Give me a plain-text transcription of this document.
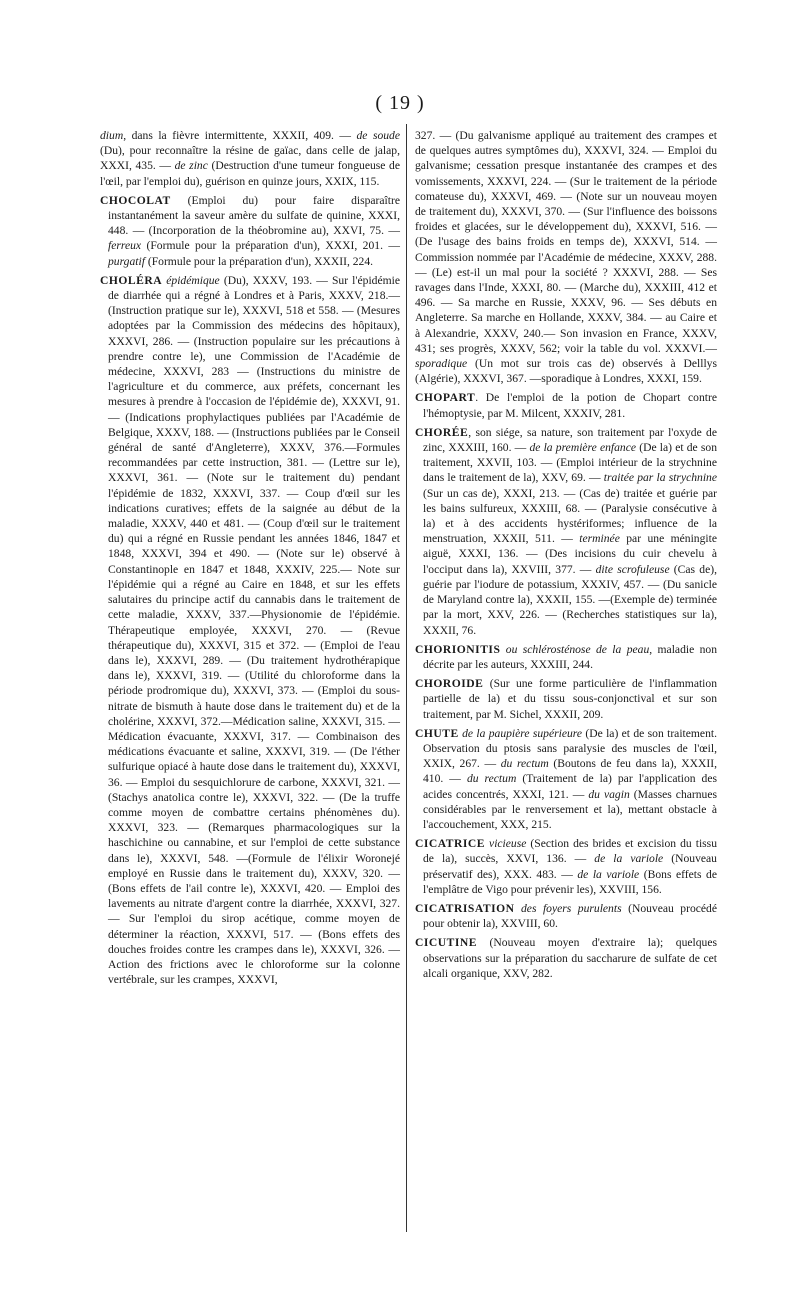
( 19 )

dium, dans la fièvre intermittente, XXXII, 409. — de soude (Du), pour reconnaître la résine de gaïac, dans celle de jalap, XXXI, 435. — de zinc (Destruction d'une tumeur fongueuse de l'œil, par l'emploi du), guérison en quinze jours, XXIX, 115.

CHOCOLAT (Emploi du) pour faire disparaître instantanément la saveur amère du sulfate de quinine, XXXI, 448. — (Incorporation de la théobromine au), XXVI, 75. — ferreux (Formule pour la préparation d'un), XXXI, 201. — purgatif (Formule pour la préparation d'un), XXXII, 224.

CHOLÉRA épidémique (Du), XXXV, 193. — Sur l'épidémie de diarrhée qui a régné à Londres et à Paris, XXXV, 218.— (Instruction pratique sur le), XXXVI, 518 et 558. — (Mesures adoptées par la Commission des médecins des hôpitaux), XXXVI, 286. — (Instruction populaire sur les précautions à prendre contre le), une Commission de l'Académie de médecine, XXXVI, 283 — (Instructions du ministre de l'agriculture et du commerce, aux préfets, concernant les mesures à prendre à l'occasion de l'épidémie de), XXXVI, 91. — (Indications prophylactiques publiées par l'Académie de Belgique, XXXV, 188. — (Instructions publiées par le Conseil général de santé d'Angleterre), XXXV, 376.—Formules recommandées par cette instruction, 381. — (Lettre sur le), XXXVI, 361. — (Note sur le traitement du) pendant l'épidémie de 1832, XXXVI, 337. — Coup d'œil sur les indications curatives; effets de la saignée au début de la maladie, XXXV, 440 et 481. — (Coup d'œil sur le traitement du) qui a régné en Russie pendant les années 1846, 1847 et 1848, XXXVI, 394 et 490. — (Note sur le) observé à Constantinople en 1847 et 1848, XXXIV, 225.— Note sur l'épidémie qui a régné au Caire en 1848, et sur les effets salutaires du principe actif du cannabis dans le traitement de cette maladie, XXXV, 337.—Physionomie de l'épidémie. Thérapeutique employée, XXXVI, 270. — (Revue thérapeutique du), XXXVI, 315 et 372. — (Emploi de l'eau dans le), XXXVI, 289. — (Du traitement hydrothérapique dans le), XXXVI, 319. — (Utilité du chloroforme dans la période prodromique du), XXXVI, 373. — (Emploi du sous-nitrate de bismuth à haute dose dans le traitement du) et de la cholérine, XXXVI, 372.—Médication saline, XXXVI, 315. — Médication évacuante, XXXVI, 317. — Combinaison des médications évacuante et saline, XXXVI, 319. — (De l'éther sulfurique opiacé à haute dose dans le traitement du), XXXVI, 36. — Emploi du sesquichlorure de carbone, XXXVI, 321. — (Stachys anatolica contre le), XXXVI, 322. — (De la truffe comme moyen de combattre certains phénomènes du). XXXVI, 323. — (Remarques pharmacologiques sur la haschichine ou cannabine, et sur l'emploi de cette substance dans le), XXXVI, 548. —(Formule de l'élixir Woronejé employé en Russie dans le traitement du), XXXV, 320. —(Bons effets de l'ail contre le), XXXVI, 420. — Emploi des lavements au nitrate d'argent contre la diarrhée, XXXVI, 327. — Sur l'emploi du sirop acétique, comme moyen de déterminer la réaction, XXXVI, 517. — (Bons effets des douches froides contre les crampes dans le), XXXVI, 326. — Action des frictions avec le chloroforme sur la colonne vertébrale, sur les crampes, XXXVI,

327. — (Du galvanisme appliqué au traitement des crampes et de quelques autres symptômes du), XXXVI, 324. — Emploi du galvanisme; cessation presque instantanée des crampes et des vomissements, XXXVI, 224. — (Sur le traitement de la période comateuse du), XXXVI, 469. — (Note sur un nouveau moyen de traitement du), XXXVI, 370. — (Sur l'influence des boissons froides et glacées, sur le développement du), XXXVI, 516. — (De l'usage des bains froids en temps de), XXXVI, 514. — Commission nommée par l'Académie de médecine, XXXV, 288. — (Le) est-il un mal pour la société ? XXXVI, 288. — Ses ravages dans l'Inde, XXXI, 80. — (Marche du), XXXIII, 412 et 496. — Sa marche en Russie, XXXV, 96. — Ses débuts en Angleterre. Sa marche en Hollande, XXXV, 384. — au Caire et à Alexandrie, XXXV, 240.— Son invasion en France, XXXV, 431; ses progrès, XXXV, 562; voir la table du vol. XXXVI.— sporadique (Un mot sur trois cas de) observés à Delllys (Algérie), XXXVI, 367. —sporadique à Londres, XXXI, 159.

CHOPART. De l'emploi de la potion de Chopart contre l'hémoptysie, par M. Milcent, XXXIV, 281.

CHORÉE, son siége, sa nature, son traitement par l'oxyde de zinc, XXXIII, 160. — de la première enfance (De la) et de son traitement, XXVII, 103. — (Emploi intérieur de la strychnine dans le traitement de la), XXV, 69. — traitée par la strychnine (Sur un cas de), XXXI, 213. — (Cas de) traitée et guérie par les bains sulfureux, XXXIII, 68. — (Paralysie consécutive à la) et à des accidents hystériformes; influence de la menstruation, XXXII, 511. — terminée par une méningite aiguë, XXXI, 136. — (Des incisions du cuir chevelu à l'occiput dans la), XXVIII, 377. — dite scrofuleuse (Cas de), guérie par l'iodure de potassium, XXXIV, 457. — (Du sanicle de Maryland contre la), XXXII, 155. —(Exemple de) terminée par la mort, XXV, 226. — (Recherches statistiques sur la), XXXII, 76.

CHORIONITIS ou schlérosténose de la peau, maladie non décrite par les auteurs, XXXIII, 244.

CHOROIDE (Sur une forme particulière de l'inflammation partielle de la) et du tissu sous-conjonctival et sur son traitement, par M. Sichel, XXXII, 209.

CHUTE de la paupière supérieure (De la) et de son traitement. Observation du ptosis sans paralysie des muscles de l'œil, XXIX, 267. — du rectum (Boutons de feu dans la), XXXII, 410. — du rectum (Traitement de la) par l'application des acides concentrés, XXXI, 121. — du vagin (Masses charnues considérables par le renversement et la), mettant obstacle à l'accouchement, XXX, 215.

CICATRICE vicieuse (Section des brides et excision du tissu de la), succès, XXVI, 136. — de la variole (Nouveau préservatif des), XXX. 483. — de la variole (Bons effets de l'emplâtre de Vigo pour prévenir les), XXVIII, 156.

CICATRISATION des foyers purulents (Nouveau procédé pour obtenir la), XXVIII, 60.

CICUTINE (Nouveau moyen d'extraire la); quelques observations sur la préparation du saccharure de sulfate de cet alcali organique, XXV, 282.
